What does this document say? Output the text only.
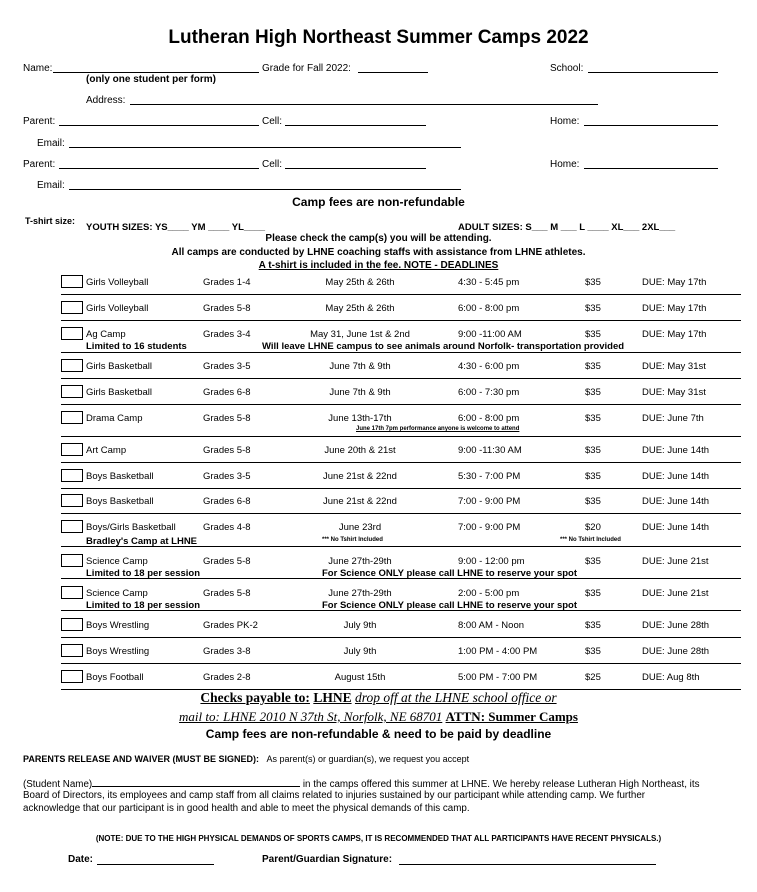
Lutheran High Northeast Summer Camps 2022
Name:	Grade for Fall 2022:	School:
(only one student per form)
Address:
Parent:	Cell:	Home:
Email:
Parent:	Cell:	Home:
Email:
Camp fees are non-refundable
T-shirt size:
YOUTH SIZES: YS____ YM ____ YL____	ADULT SIZES: S___ M ___ L ____ XL___ 2XL___
Please check the camp(s) you will be attending.
All camps are conducted by LHNE coaching staffs with assistance from LHNE athletes.
A t-shirt is included in the fee. NOTE - DEADLINES
Girls Volleyball	Grades 1-4	May 25th & 26th	4:30 - 5:45 pm	$35	DUE: May 17th
Girls Volleyball	Grades 5-8	May 25th & 26th	6:00 - 8:00 pm	$35	DUE: May 17th
Ag Camp	Grades 3-4	May 31, June 1st & 2nd	9:00 -11:00 AM	$35	DUE: May 17th
Girls Basketball	Grades 3-5	June 7th & 9th	4:30 - 6:00 pm	$35	DUE: May 31st
Girls Basketball	Grades 6-8	June 7th & 9th	6:00 - 7:30 pm	$35	DUE: May 31st
Drama Camp	Grades 5-8	June 13th-17th	6:00 - 8:00 pm	$35	DUE: June 7th
Art Camp	Grades 5-8	June 20th & 21st	9:00 -11:30 AM	$35	DUE: June 14th
Boys Basketball	Grades 3-5	June 21st & 22nd	5:30 - 7:00 PM	$35	DUE: June 14th
Boys Basketball	Grades 6-8	June 21st & 22nd	7:00 - 9:00 PM	$35	DUE: June 14th
Boys/Girls Basketball	Grades 4-8	June 23rd	7:00 - 9:00 PM	$20	DUE: June 14th
Science Camp	Grades 5-8	June 27th-29th	9:00 - 12:00 pm	$35	DUE: June 21st
Science Camp	Grades 5-8	June 27th-29th	2:00 - 5:00 pm	$35	DUE: June 21st
Boys Wrestling	Grades PK-2	July 9th	8:00 AM - Noon	$35	DUE: June 28th
Boys Wrestling	Grades 3-8	July 9th	1:00 PM - 4:00 PM	$35	DUE: June 28th
Boys Football	Grades 2-8	August 15th	5:00 PM - 7:00 PM	$25	DUE: Aug 8th
Limited to 16 students	Will leave LHNE campus to see animals around Norfolk- transportation provided
June 17th 7pm performance anyone is welcome to attend
Bradley's Camp at LHNE	*** No Tshirt Included	*** No Tshirt Included
Limited to 18 per session	For Science ONLY please call LHNE to reserve your spot
Limited to 18 per session	For Science ONLY please call LHNE to reserve your spot
Checks payable to: LHNE drop off at the LHNE school office or
mail to: LHNE 2010 N 37th St, Norfolk, NE 68701 ATTN: Summer Camps
Camp fees are non-refundable & need to be paid by deadline
PARENTS RELEASE AND WAIVER (MUST BE SIGNED): As parent(s) or guardian(s), we request you accept
(Student Name)	in the camps offered this summer at LHNE. We hereby release Lutheran High Northeast, its
Board of Directors, its employees and camp staff from all claims related to injuries sustained by our participant while attending camp. We further
acknowledge that our participant is in good health and able to meet the physical demands of this camp.
(NOTE: DUE TO THE HIGH PHYSICAL DEMANDS OF SPORTS CAMPS, IT IS RECOMMENDED THAT ALL PARTICIPANTS HAVE RECENT PHYSICALS.)
Date:	Parent/Guardian Signature:
